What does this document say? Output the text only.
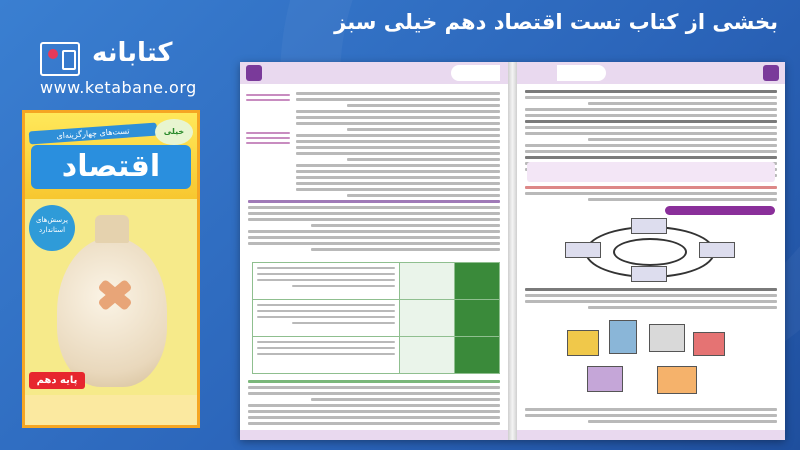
بخشی از کتاب تست اقتصاد دهم خیلی سبز
کتابانه
www.ketabane.org
تست‌های چهارگزینه‌ای	خیلی
اقتصاد
پرسش‌های استاندارد
پایه دهم
